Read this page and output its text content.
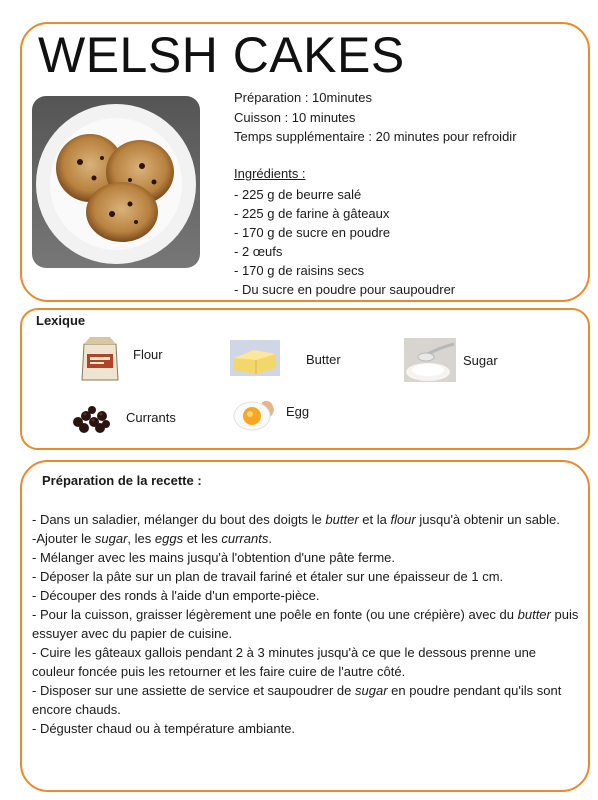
WELSH CAKES
Préparation : 10minutes
Cuisson : 10 minutes
Temps supplémentaire : 20 minutes pour refroidir
Ingrédients :
- 225 g de beurre salé
- 225 g de farine à gâteaux
- 170 g de sucre en poudre
- 2 œufs
- 170 g de raisins secs
- Du sucre en poudre pour saupoudrer
Lexique
Flour	Butter	Sugar
Currants	Egg
Préparation de la recette :

- Dans un saladier, mélanger du bout des doigts le butter et la flour jusqu'à obtenir un sable.

-Ajouter le sugar, les eggs et les currants.

- Mélanger avec les mains jusqu'à l'obtention d'une pâte ferme.

- Déposer la pâte sur un plan de travail fariné et étaler sur une épaisseur de 1 cm.

- Découper des ronds à l'aide d'un emporte-pièce.

- Pour la cuisson, graisser légèrement une poêle en fonte (ou une crépière) avec du butter puis essuyer avec du papier de cuisine.

- Cuire les gâteaux gallois pendant 2 à 3 minutes jusqu'à ce que le dessous prenne une couleur foncée puis les retourner et les faire cuire de l'autre côté.

- Disposer sur une assiette de service et saupoudrer de sugar en poudre pendant qu'ils sont encore chauds.

- Déguster chaud ou à température ambiante.
